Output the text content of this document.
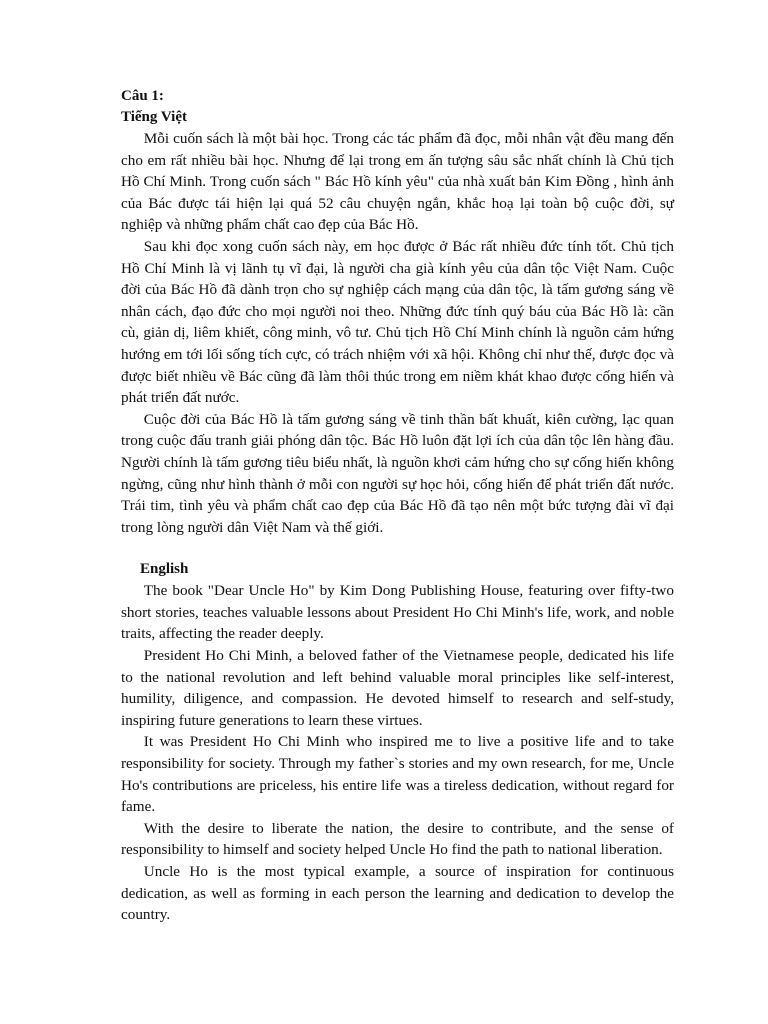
Câu 1:

Tiếng Việt

  Mỗi cuốn sách là một bài học. Trong các tác phẩm đã đọc, mỗi nhân vật đều mang đến cho em rất nhiều bài học. Nhưng để lại trong em ấn tượng sâu sắc nhất chính là Chủ tịch Hồ Chí Minh. Trong cuốn sách " Bác Hồ kính yêu" của nhà xuất bản Kim Đồng , hình ảnh của Bác được tái hiện lại quá 52 câu chuyện ngắn, khắc hoạ lại toàn bộ cuộc đời, sự nghiệp và những phẩm chất cao đẹp của Bác Hồ.

  Sau khi đọc xong cuốn sách này, em học được ở Bác rất nhiều đức tính tốt. Chủ tịch Hồ Chí Minh là vị lãnh tụ vĩ đại, là người cha già kính yêu của dân tộc Việt Nam. Cuộc đời của Bác Hồ đã dành trọn cho sự nghiệp cách mạng của dân tộc, là tấm gương sáng về nhân cách, đạo đức cho mọi người noi theo. Những đức tính quý báu của Bác Hồ là: cần cù, giản dị, liêm khiết, công minh, vô tư. Chủ tịch Hồ Chí Minh chính là nguồn cảm hứng hướng em tới lối sống tích cực, có trách nhiệm với xã hội. Không chỉ như thế, được đọc và được biết nhiều về Bác cũng đã làm thôi thúc trong em niềm khát khao được cống hiến và phát triển đất nước.

  Cuộc đời của Bác Hồ là tấm gương sáng về tinh thần bất khuất, kiên cường, lạc quan trong cuộc đấu tranh giải phóng dân tộc. Bác Hồ luôn đặt lợi ích của dân tộc lên hàng đầu. Người chính là tấm gương tiêu biểu nhất, là nguồn khơi cảm hứng cho sự cống hiến không ngừng, cũng như hình thành ở mỗi con người sự học hỏi, cống hiến để phát triển đất nước. Trái tim, tình yêu và phẩm chất cao đẹp của Bác Hồ đã tạo nên một bức tượng đài vĩ đại trong lòng người dân Việt Nam và thế giới.

English

  The book "Dear Uncle Ho" by Kim Dong Publishing House, featuring over fifty-two short stories, teaches valuable lessons about President Ho Chi Minh's life, work, and noble traits, affecting the reader deeply.

  President Ho Chi Minh, a beloved father of the Vietnamese people, dedicated his life to the national revolution and left behind valuable moral principles like self-interest, humility, diligence, and compassion. He devoted himself to research and self-study, inspiring future generations to learn these virtues.

  It was President Ho Chi Minh who inspired me to live a positive life and to take responsibility for society. Through my father`s stories and my own research, for me, Uncle Ho's contributions are priceless, his entire life was a tireless dedication, without regard for fame.

  With the desire to liberate the nation, the desire to contribute, and the sense of responsibility to himself and society helped Uncle Ho find the path to national liberation.

  Uncle Ho is the most typical example, a source of inspiration for continuous dedication, as well as forming in each person the learning and dedication to develop the country.
